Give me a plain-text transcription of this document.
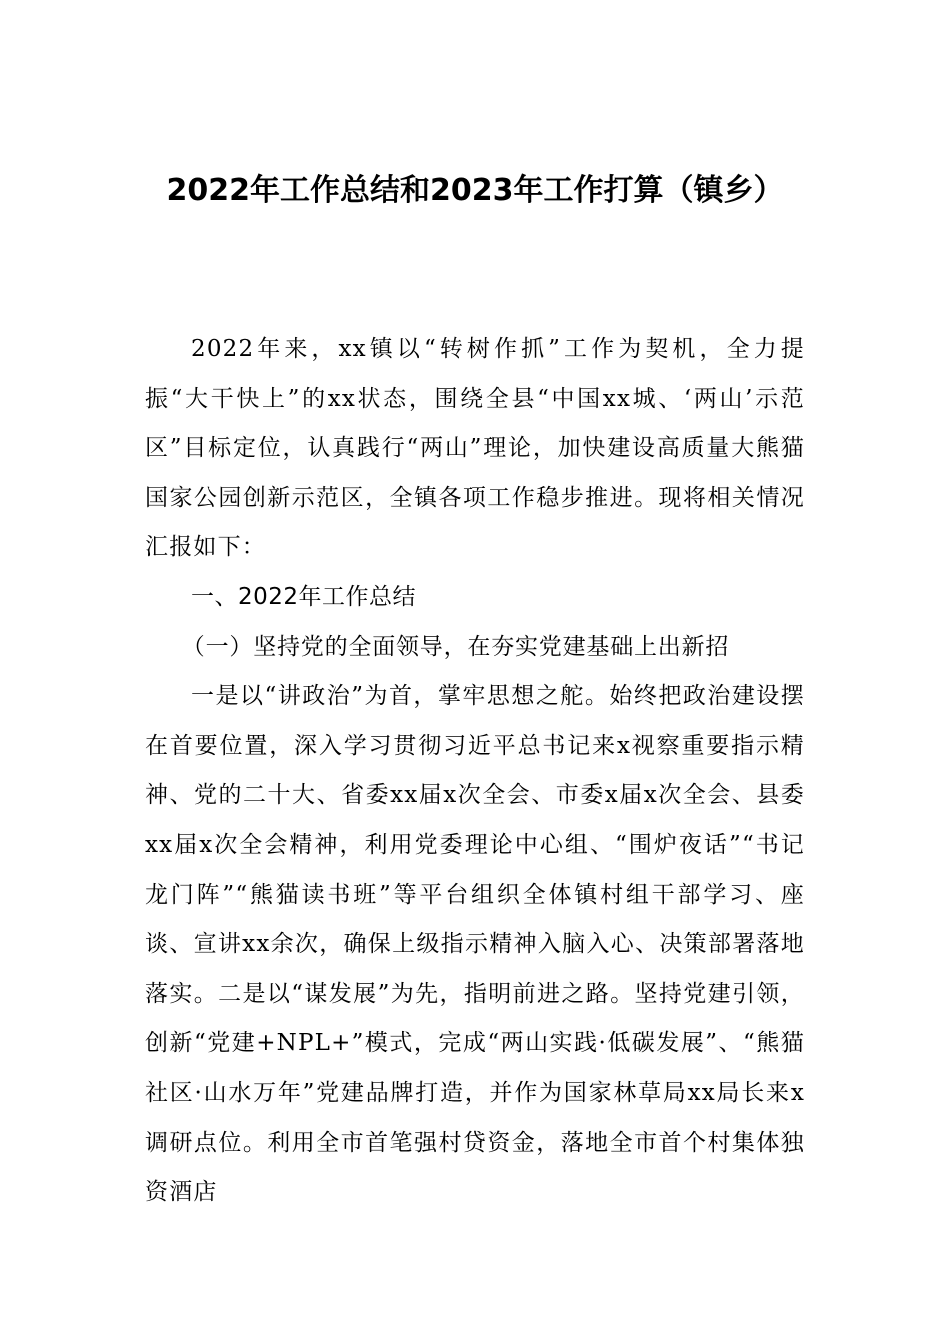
2022年工作总结和2023年工作打算（镇乡）

2022年来，xx镇以“转树作抓”工作为契机，全力提振“大干快上”的xx状态，围绕全县“中国xx城、‘两山’示范区”目标定位，认真践行“两山”理论，加快建设高质量大熊猫国家公园创新示范区，全镇各项工作稳步推进。现将相关情况汇报如下：

一、2022年工作总结

（一）坚持党的全面领导，在夯实党建基础上出新招

一是以“讲政治”为首，掌牢思想之舵。始终把政治建设摆在首要位置，深入学习贯彻习近平总书记来x视察重要指示精神、党的二十大、省委xx届x次全会、市委x届x次全会、县委xx届x次全会精神，利用党委理论中心组、“围炉夜话”“书记龙门阵”“熊猫读书班”等平台组织全体镇村组干部学习、座谈、宣讲xx余次，确保上级指示精神入脑入心、决策部署落地落实。二是以“谋发展”为先，指明前进之路。坚持党建引领，创新“党建+NPL+”模式，完成“两山实践·低碳发展”、“熊猫社区·山水万年”党建品牌打造，并作为国家林草局xx局长来x调研点位。利用全市首笔强村贷资金，落地全市首个村集体独资酒店
